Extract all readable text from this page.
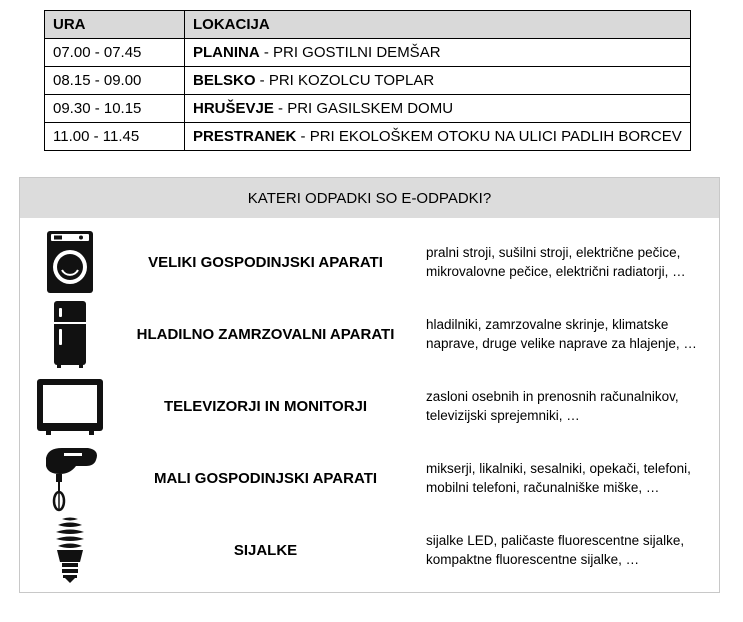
URA	LOKACIJA
07.00 - 07.45	PLANINA - PRI GOSTILNI DEMŠAR
08.15 - 09.00	BELSKO - PRI KOZOLCU TOPLAR
09.30 - 10.15	HRUŠEVJE - PRI GASILSKEM DOMU
11.00 - 11.45	PRESTRANEK - PRI EKOLOŠKEM OTOKU NA ULICI PADLIH BORCEV
KATERI ODPADKI SO E-ODPADKI?
VELIKI GOSPODINJSKI APARATI
pralni stroji, sušilni stroji, električne pečice,
mikrovalovne pečice, električni radiatorji, …
HLADILNO ZAMRZOVALNI APARATI
hladilniki, zamrzovalne skrinje, klimatske
naprave, druge velike naprave za hlajenje, …
TELEVIZORJI IN MONITORJI
zasloni osebnih in prenosnih računalnikov,
televizijski sprejemniki, …
MALI GOSPODINJSKI APARATI
mikserji, likalniki, sesalniki, opekači, telefoni,
mobilni telefoni, računalniške miške, …
SIJALKE
sijalke LED, paličaste fluorescentne sijalke,
kompaktne fluorescentne sijalke, …
